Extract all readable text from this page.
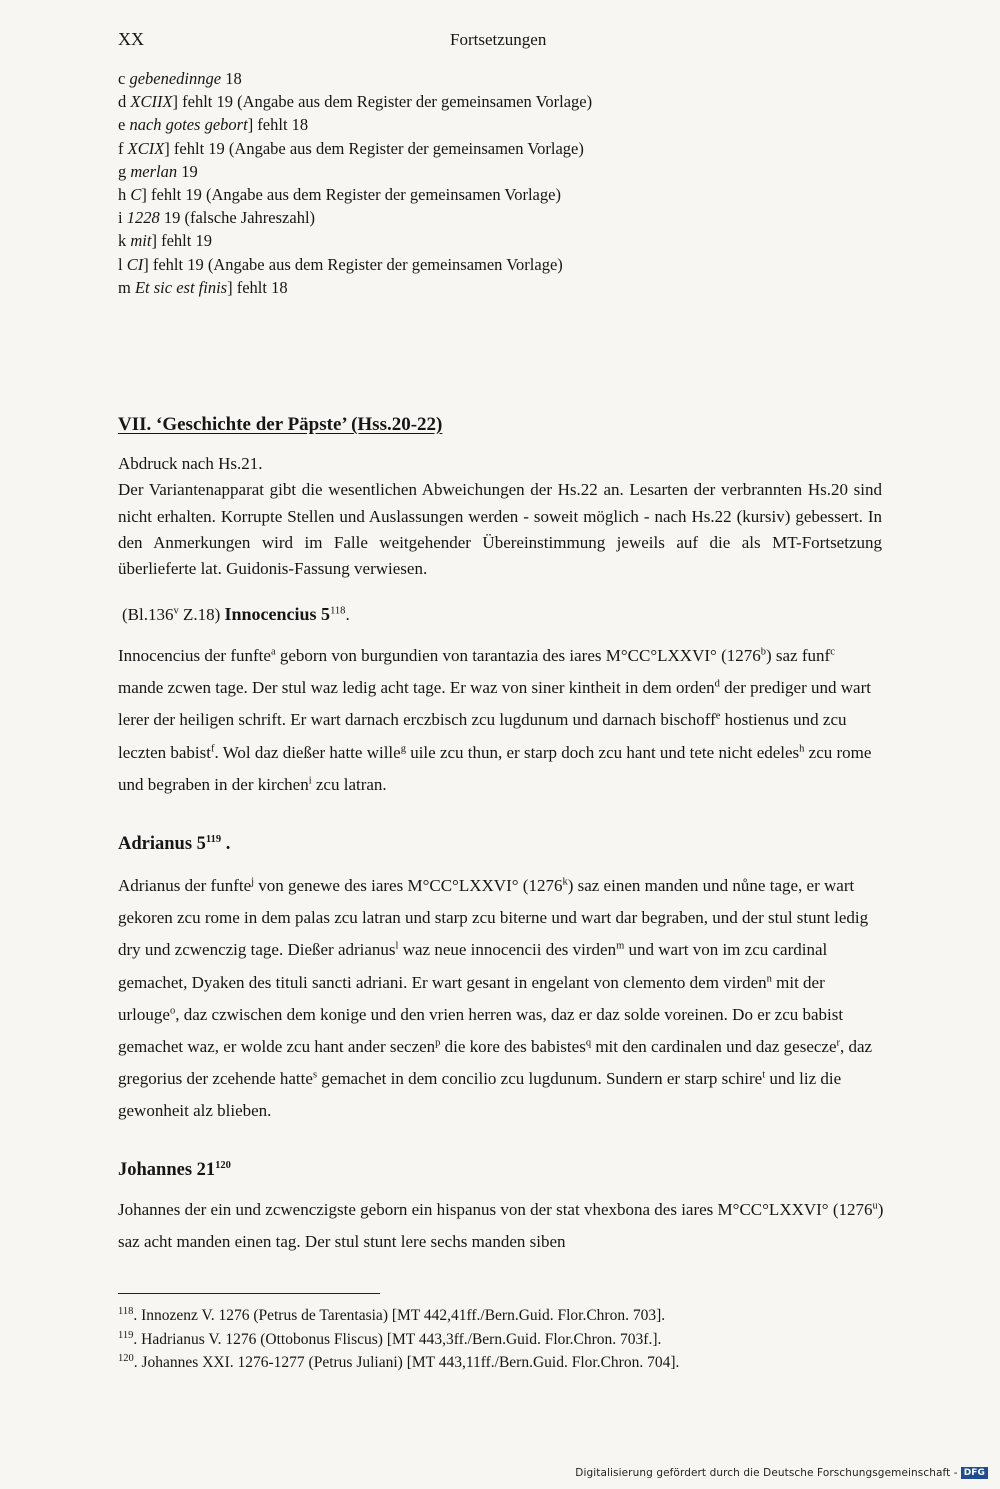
XX	Fortsetzungen
c gebenedinnge 18
d XCIIX] fehlt 19 (Angabe aus dem Register der gemeinsamen Vorlage)
e nach gotes gebort] fehlt 18
f XCIX] fehlt 19 (Angabe aus dem Register der gemeinsamen Vorlage)
g merlan 19
h C] fehlt 19 (Angabe aus dem Register der gemeinsamen Vorlage)
i 1228 19 (falsche Jahreszahl)
k mit] fehlt 19
l CI] fehlt 19 (Angabe aus dem Register der gemeinsamen Vorlage)
m Et sic est finis] fehlt 18
VII. ‘Geschichte der Päpste’ (Hss.20-22)

Abdruck nach Hs.21.

Der Variantenapparat gibt die wesentlichen Abweichungen der Hs.22 an. Lesarten der verbrannten Hs.20 sind nicht erhalten. Korrupte Stellen und Auslassungen werden - soweit möglich - nach Hs.22 (kursiv) gebessert. In den Anmerkungen wird im Falle weitgehender Übereinstimmung jeweils auf die als MT-Fortsetzung überlieferte lat. Guidonis-Fassung verwiesen.

(Bl.136$^v$ Z.18) Innocencius $5^{118}$.

Innocencius der funfte$^a$ geborn von burgundien von tarantazia des iares M°CC°LXXVI° (1276$^b$) saz funf$^c$ mande zcwen tage. Der stul waz ledig acht tage. Er waz von siner kintheit in dem orden$^d$ der prediger und wart lerer der heiligen schrift. Er wart darnach erczbisch zcu lugdunum und darnach bischoff$^e$ hostienus und zcu leczten babist$^f$. Wol daz dießer hatte wille$^g$ uile zcu thun, er starp doch zcu hant und tete nicht edeles$^h$ zcu rome und begraben in der kirchen$^i$ zcu latran.

Adrianus $5^{119}$ .

Adrianus der funfte$^j$ von genewe des iares M°CC°LXXVI° (1276$^k$) saz einen manden und nůne tage, er wart gekoren zcu rome in dem palas zcu latran und starp zcu biterne und wart dar begraben, und der stul stunt ledig dry und zcwenczig tage. Dießer adrianus$^l$ waz neue innocencii des virden$^m$ und wart von im zcu cardinal gemachet, Dyaken des tituli sancti adriani. Er wart gesant in engelant von clemento dem virden$^n$ mit der urlouge$^o$, daz czwischen dem konige und den vrien herren was, daz er daz solde voreinen. Do er zcu babist gemachet waz, er wolde zcu hant ander seczen$^p$ die kore des babistes$^q$ mit den cardinalen und daz gesecze$^r$, daz gregorius der zcehende hatte$^s$ gemachet in dem concilio zcu lugdunum. Sundern er starp schire$^t$ und liz die gewonheit alz blieben.

Johannes $21^{120}$

Johannes der ein und zcwenczigste geborn ein hispanus von der stat vhexbona des iares M°CC°LXXVI° (1276$^u$) saz acht manden einen tag. Der stul stunt lere sechs manden siben

$^{118}$. Innozenz V. 1276 (Petrus de Tarentasia) [MT 442,41ff./Bern.Guid. Flor.Chron. 703].
$^{119}$. Hadrianus V. 1276 (Ottobonus Fliscus) [MT 443,3ff./Bern.Guid. Flor.Chron. 703f.].
$^{120}$. Johannes XXI. 1276-1277 (Petrus Juliani) [MT 443,11ff./Bern.Guid. Flor.Chron. 704].
Digitalisierung gefördert durch die Deutsche Forschungsgemeinschaft - DFG
